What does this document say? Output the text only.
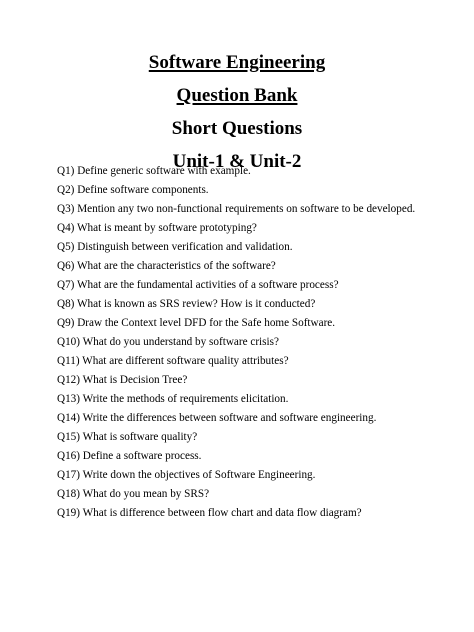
Software Engineering
Question Bank
Short Questions
Unit-1 & Unit-2
Q1) Define generic software with example.
Q2) Define software components.
Q3) Mention any two non-functional requirements on software to be developed.
Q4) What is meant by software prototyping?
Q5) Distinguish between verification and validation.
Q6) What are the characteristics of the software?
Q7) What are the fundamental activities of a software process?
Q8) What is known as SRS review? How is it conducted?
Q9) Draw the Context level DFD for the Safe home Software.
Q10) What do you understand by software crisis?
Q11) What are different software quality attributes?
Q12) What is Decision Tree?
Q13) Write the methods of requirements elicitation.
Q14) Write the differences between software and software engineering.
Q15) What is software quality?
Q16) Define a software process.
Q17) Write down the objectives of Software Engineering.
Q18) What do you mean by SRS?
Q19) What is difference between flow chart and data flow diagram?
